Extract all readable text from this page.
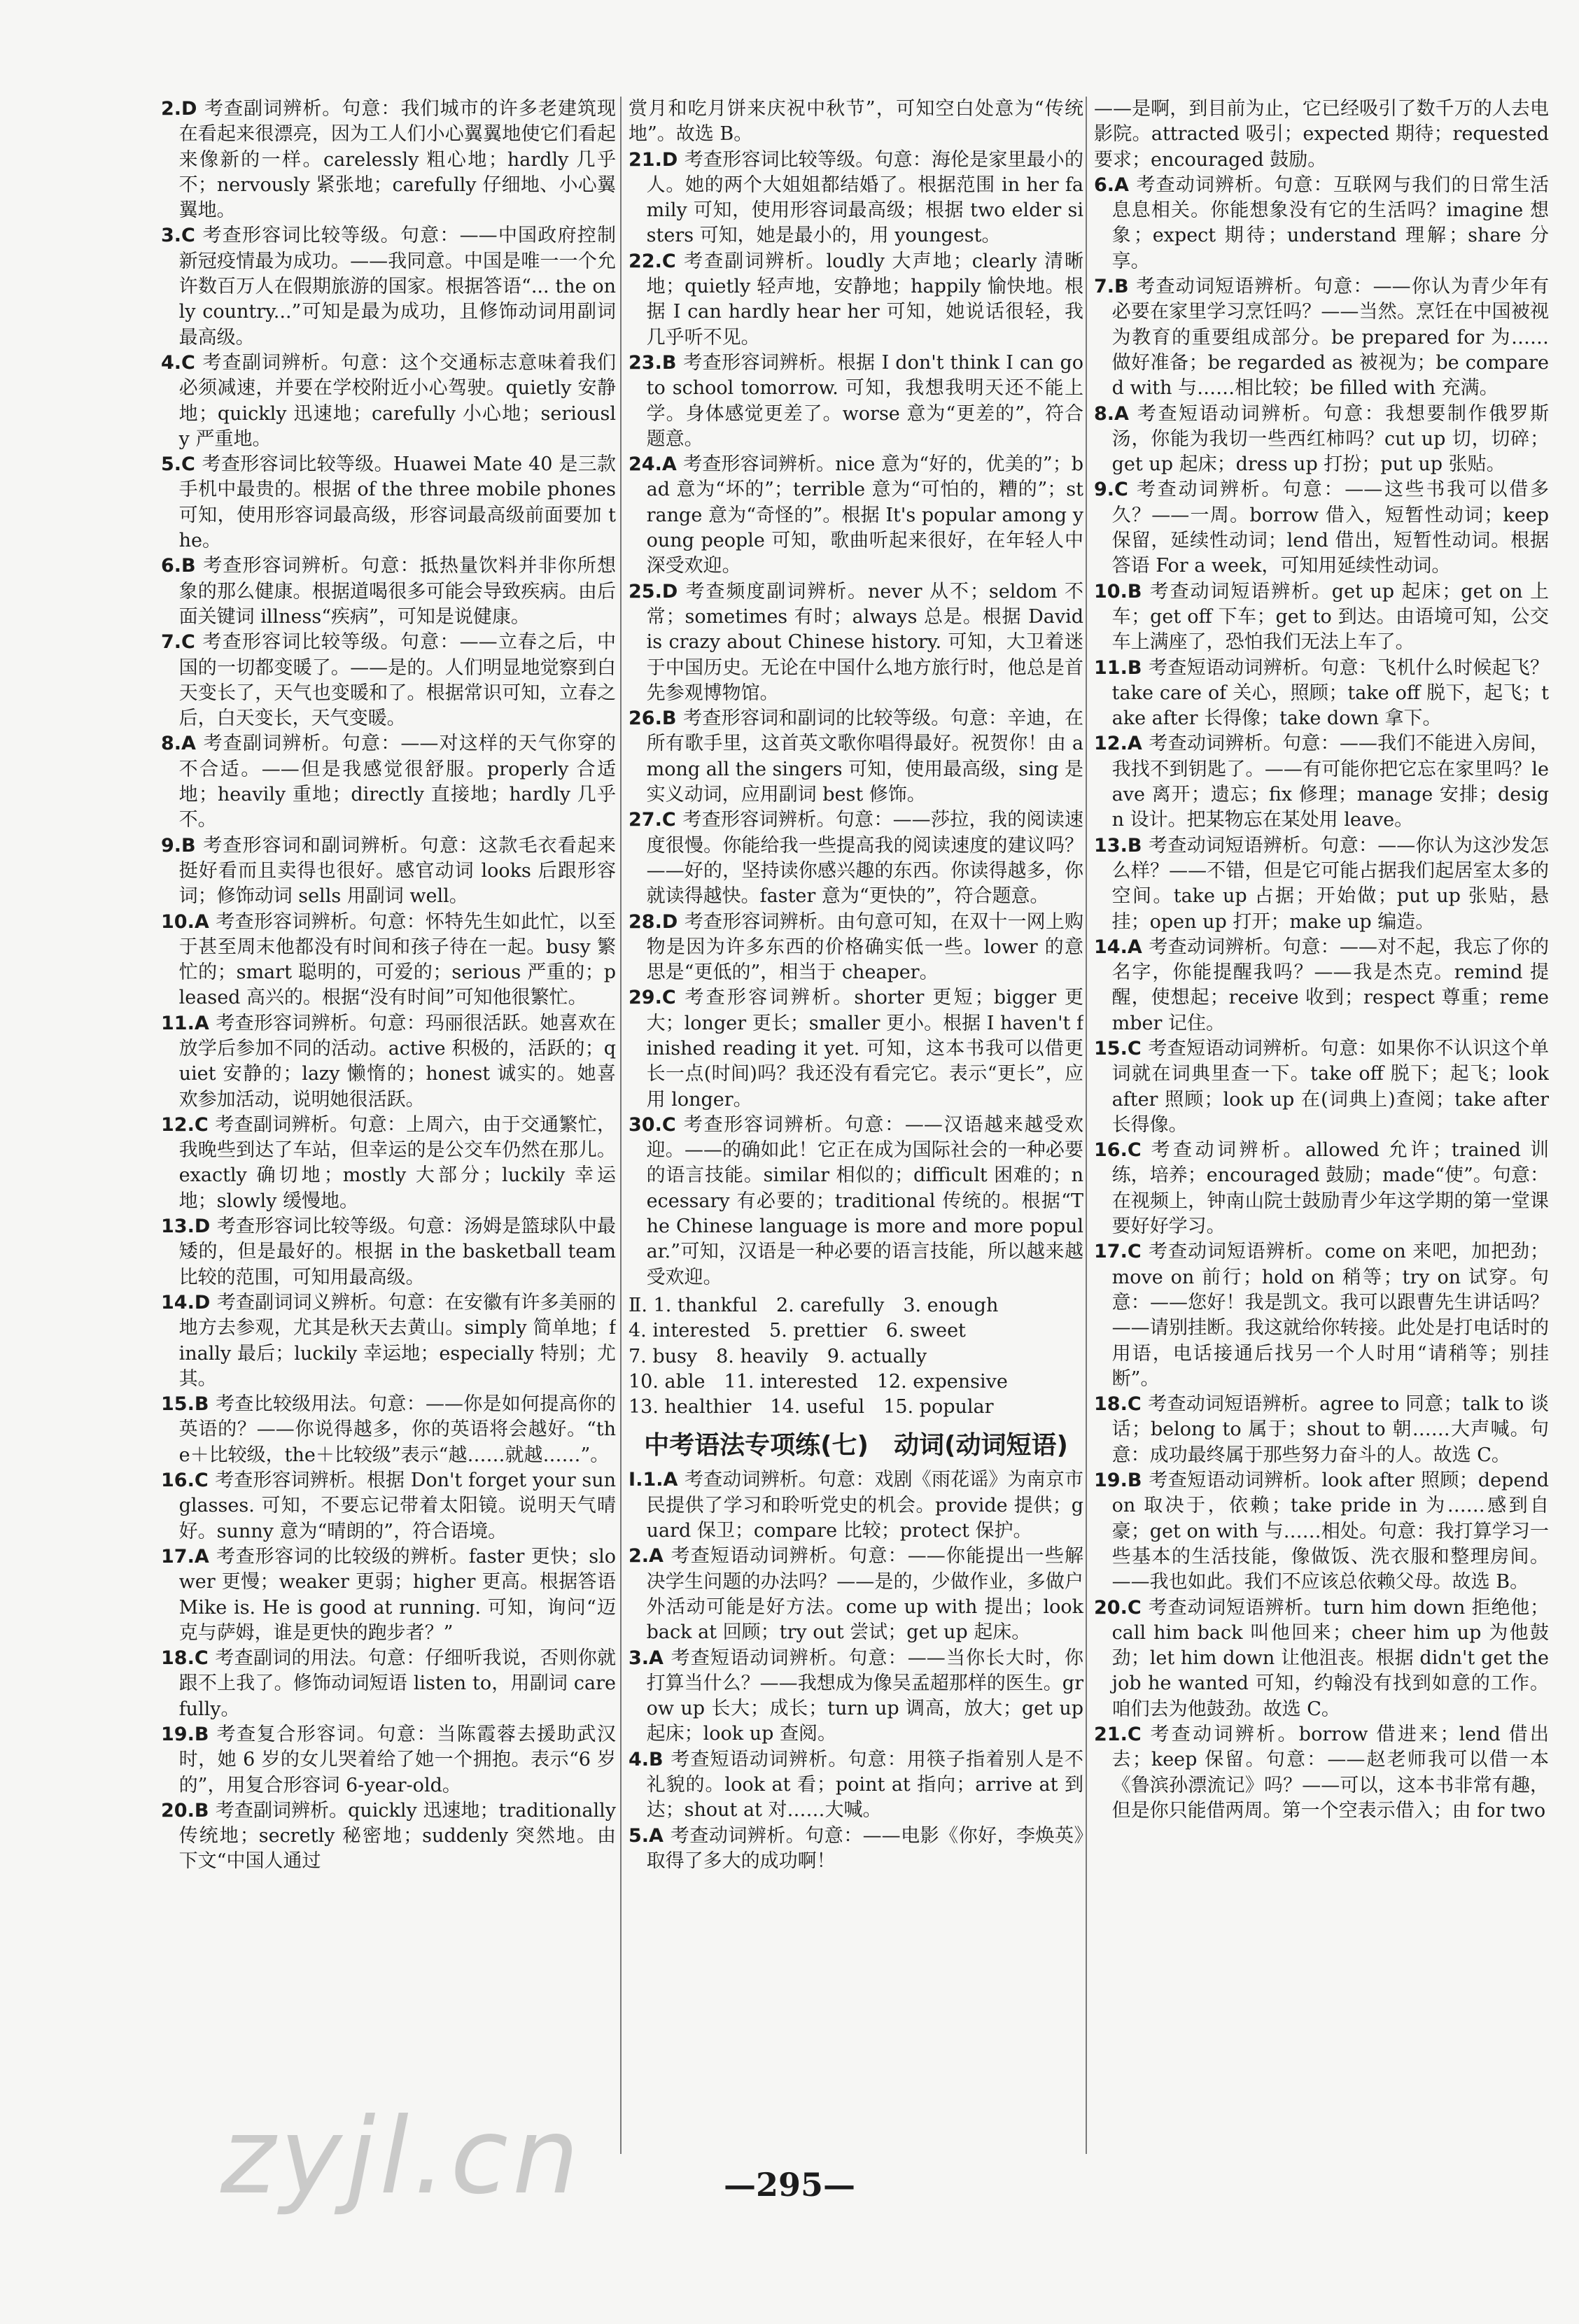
2.D 考查副词辨析。句意：我们城市的许多老建筑现在看起来很漂亮，因为工人们小心翼翼地使它们看起来像新的一样。carelessly 粗心地；hardly 几乎不；nervously 紧张地；carefully 仔细地、小心翼翼地。

3.C 考查形容词比较等级。句意：——中国政府控制新冠疫情最为成功。——我同意。中国是唯一一个允许数百万人在假期旅游的国家。根据答语“... the only country...”可知是最为成功，且修饰动词用副词最高级。

4.C 考查副词辨析。句意：这个交通标志意味着我们必须减速，并要在学校附近小心驾驶。quietly 安静地；quickly 迅速地；carefully 小心地；seriously 严重地。

5.C 考查形容词比较等级。Huawei Mate 40 是三款手机中最贵的。根据 of the three mobile phones 可知，使用形容词最高级，形容词最高级前面要加 the。

6.B 考查形容词辨析。句意：抵热量饮料并非你所想象的那么健康。根据道喝很多可能会导致疾病。由后面关键词 illness“疾病”，可知是说健康。

7.C 考查形容词比较等级。句意：——立春之后，中国的一切都变暖了。——是的。人们明显地觉察到白天变长了，天气也变暖和了。根据常识可知，立春之后，白天变长，天气变暖。

8.A 考查副词辨析。句意：——对这样的天气你穿的不合适。——但是我感觉很舒服。properly 合适地；heavily 重地；directly 直接地；hardly 几乎不。

9.B 考查形容词和副词辨析。句意：这款毛衣看起来挺好看而且卖得也很好。感官动词 looks 后跟形容词；修饰动词 sells 用副词 well。

10.A 考查形容词辨析。句意：怀特先生如此忙，以至于甚至周末他都没有时间和孩子待在一起。busy 繁忙的；smart 聪明的，可爱的；serious 严重的；pleased 高兴的。根据“没有时间”可知他很繁忙。

11.A 考查形容词辨析。句意：玛丽很活跃。她喜欢在放学后参加不同的活动。active 积极的，活跃的；quiet 安静的；lazy 懒惰的；honest 诚实的。她喜欢参加活动，说明她很活跃。

12.C 考查副词辨析。句意：上周六，由于交通繁忙，我晚些到达了车站，但幸运的是公交车仍然在那儿。exactly 确切地；mostly 大部分；luckily 幸运地；slowly 缓慢地。

13.D 考查形容词比较等级。句意：汤姆是篮球队中最矮的，但是最好的。根据 in the basketball team 比较的范围，可知用最高级。

14.D 考查副词词义辨析。句意：在安徽有许多美丽的地方去参观，尤其是秋天去黄山。simply 简单地；finally 最后；luckily 幸运地；especially 特别；尤其。

15.B 考查比较级用法。句意：——你是如何提高你的英语的？——你说得越多，你的英语将会越好。“the＋比较级，the＋比较级”表示“越……就越……”。

16.C 考查形容词辨析。根据 Don't forget your sunglasses. 可知，不要忘记带着太阳镜。说明天气晴好。sunny 意为“晴朗的”，符合语境。

17.A 考查形容词的比较级的辨析。faster 更快；slower 更慢；weaker 更弱；higher 更高。根据答语 Mike is. He is good at running. 可知，询问“迈克与萨姆，谁是更快的跑步者？”

18.C 考查副词的用法。句意：仔细听我说，否则你就跟不上我了。修饰动词短语 listen to，用副词 carefully。

19.B 考查复合形容词。句意：当陈霞蓉去援助武汉时，她 6 岁的女儿哭着给了她一个拥抱。表示“6 岁的”，用复合形容词 6-year-old。

20.B 考查副词辨析。quickly 迅速地；traditionally 传统地；secretly 秘密地；suddenly 突然地。由下文“中国人通过

赏月和吃月饼来庆祝中秋节”，可知空白处意为“传统地”。故选 B。

21.D 考查形容词比较等级。句意：海伦是家里最小的人。她的两个大姐姐都结婚了。根据范围 in her family 可知，使用形容词最高级；根据 two elder sisters 可知，她是最小的，用 youngest。

22.C 考查副词辨析。loudly 大声地；clearly 清晰地；quietly 轻声地，安静地；happily 愉快地。根据 I can hardly hear her 可知，她说话很轻，我几乎听不见。

23.B 考查形容词辨析。根据 I don't think I can go to school tomorrow. 可知，我想我明天还不能上学。身体感觉更差了。worse 意为“更差的”，符合题意。

24.A 考查形容词辨析。nice 意为“好的，优美的”；bad 意为“坏的”；terrible 意为“可怕的，糟的”；strange 意为“奇怪的”。根据 It's popular among young people 可知，歌曲听起来很好，在年轻人中深受欢迎。

25.D 考查频度副词辨析。never 从不；seldom 不常；sometimes 有时；always 总是。根据 David is crazy about Chinese history. 可知，大卫着迷于中国历史。无论在中国什么地方旅行时，他总是首先参观博物馆。

26.B 考查形容词和副词的比较等级。句意：辛迪，在所有歌手里，这首英文歌你唱得最好。祝贺你！由 among all the singers 可知，使用最高级，sing 是实义动词，应用副词 best 修饰。

27.C 考查形容词辨析。句意：——莎拉，我的阅读速度很慢。你能给我一些提高我的阅读速度的建议吗？——好的，坚持读你感兴趣的东西。你读得越多，你就读得越快。faster 意为“更快的”，符合题意。

28.D 考查形容词辨析。由句意可知，在双十一网上购物是因为许多东西的价格确实低一些。lower 的意思是“更低的”，相当于 cheaper。

29.C 考查形容词辨析。shorter 更短；bigger 更大；longer 更长；smaller 更小。根据 I haven't finished reading it yet. 可知，这本书我可以借更长一点(时间)吗？我还没有看完它。表示“更长”，应用 longer。

30.C 考查形容词辨析。句意：——汉语越来越受欢迎。——的确如此！它正在成为国际社会的一种必要的语言技能。similar 相似的；difficult 困难的；necessary 有必要的；traditional 传统的。根据“The Chinese language is more and more popular.”可知，汉语是一种必要的语言技能，所以越来越受欢迎。

Ⅱ. 1. thankful　2. carefully　3. enough
4. interested　5. prettier　6. sweet
7. busy　8. heavily　9. actually
10. able　11. interested　12. expensive
13. healthier　14. useful　15. popular
中考语法专项练(七)　动词(动词短语)

Ⅰ.1.A 考查动词辨析。句意：戏剧《雨花谣》为南京市民提供了学习和聆听党史的机会。provide 提供；guard 保卫；compare 比较；protect 保护。

2.A 考查短语动词辨析。句意：——你能提出一些解决学生问题的办法吗？——是的，少做作业，多做户外活动可能是好方法。come up with 提出；look back at 回顾；try out 尝试；get up 起床。

3.A 考查短语动词辨析。句意：——当你长大时，你打算当什么？——我想成为像吴孟超那样的医生。grow up 长大；成长；turn up 调高，放大；get up 起床；look up 查阅。

4.B 考查短语动词辨析。句意：用筷子指着别人是不礼貌的。look at 看；point at 指向；arrive at 到达；shout at 对……大喊。

5.A 考查动词辨析。句意：——电影《你好，李焕英》取得了多大的成功啊！

——是啊，到目前为止，它已经吸引了数千万的人去电影院。attracted 吸引；expected 期待；requested 要求；encouraged 鼓励。

6.A 考查动词辨析。句意：互联网与我们的日常生活息息相关。你能想象没有它的生活吗？imagine 想象；expect 期待；understand 理解；share 分享。

7.B 考查动词短语辨析。句意：——你认为青少年有必要在家里学习烹饪吗？——当然。烹饪在中国被视为教育的重要组成部分。be prepared for 为……做好准备；be regarded as 被视为；be compared with 与……相比较；be filled with 充满。

8.A 考查短语动词辨析。句意：我想要制作俄罗斯汤，你能为我切一些西红柿吗？cut up 切，切碎；get up 起床；dress up 打扮；put up 张贴。

9.C 考查动词辨析。句意：——这些书我可以借多久？——一周。borrow 借入，短暂性动词；keep 保留，延续性动词；lend 借出，短暂性动词。根据答语 For a week，可知用延续性动词。

10.B 考查动词短语辨析。get up 起床；get on 上车；get off 下车；get to 到达。由语境可知，公交车上满座了，恐怕我们无法上车了。

11.B 考查短语动词辨析。句意：飞机什么时候起飞？take care of 关心，照顾；take off 脱下，起飞；take after 长得像；take down 拿下。

12.A 考查动词辨析。句意：——我们不能进入房间，我找不到钥匙了。——有可能你把它忘在家里吗？leave 离开；遗忘；fix 修理；manage 安排；design 设计。把某物忘在某处用 leave。

13.B 考查动词短语辨析。句意：——你认为这沙发怎么样？——不错，但是它可能占据我们起居室太多的空间。take up 占据；开始做；put up 张贴，悬挂；open up 打开；make up 编造。

14.A 考查动词辨析。句意：——对不起，我忘了你的名字，你能提醒我吗？——我是杰克。remind 提醒，使想起；receive 收到；respect 尊重；remember 记住。

15.C 考查短语动词辨析。句意：如果你不认识这个单词就在词典里查一下。take off 脱下；起飞；look after 照顾；look up 在(词典上)查阅；take after 长得像。

16.C 考查动词辨析。allowed 允许；trained 训练，培养；encouraged 鼓励；made“使”。句意：在视频上，钟南山院士鼓励青少年这学期的第一堂课要好好学习。

17.C 考查动词短语辨析。come on 来吧，加把劲；move on 前行；hold on 稍等；try on 试穿。句意：——您好！我是凯文。我可以跟曹先生讲话吗？——请别挂断。我这就给你转接。此处是打电话时的用语，电话接通后找另一个人时用“请稍等；别挂断”。

18.C 考查动词短语辨析。agree to 同意；talk to 谈话；belong to 属于；shout to 朝……大声喊。句意：成功最终属于那些努力奋斗的人。故选 C。

19.B 考查短语动词辨析。look after 照顾；depend on 取决于，依赖；take pride in 为……感到自豪；get on with 与……相处。句意：我打算学习一些基本的生活技能，像做饭、洗衣服和整理房间。——我也如此。我们不应该总依赖父母。故选 B。

20.C 考查动词短语辨析。turn him down 拒绝他；call him back 叫他回来；cheer him up 为他鼓劲；let him down 让他沮丧。根据 didn't get the job he wanted 可知，约翰没有找到如意的工作。咱们去为他鼓劲。故选 C。

21.C 考查动词辨析。borrow 借进来；lend 借出去；keep 保留。句意：——赵老师我可以借一本《鲁滨孙漂流记》吗？——可以，这本书非常有趣，但是你只能借两周。第一个空表示借入；由 for two

zyjl.cn	—295—
